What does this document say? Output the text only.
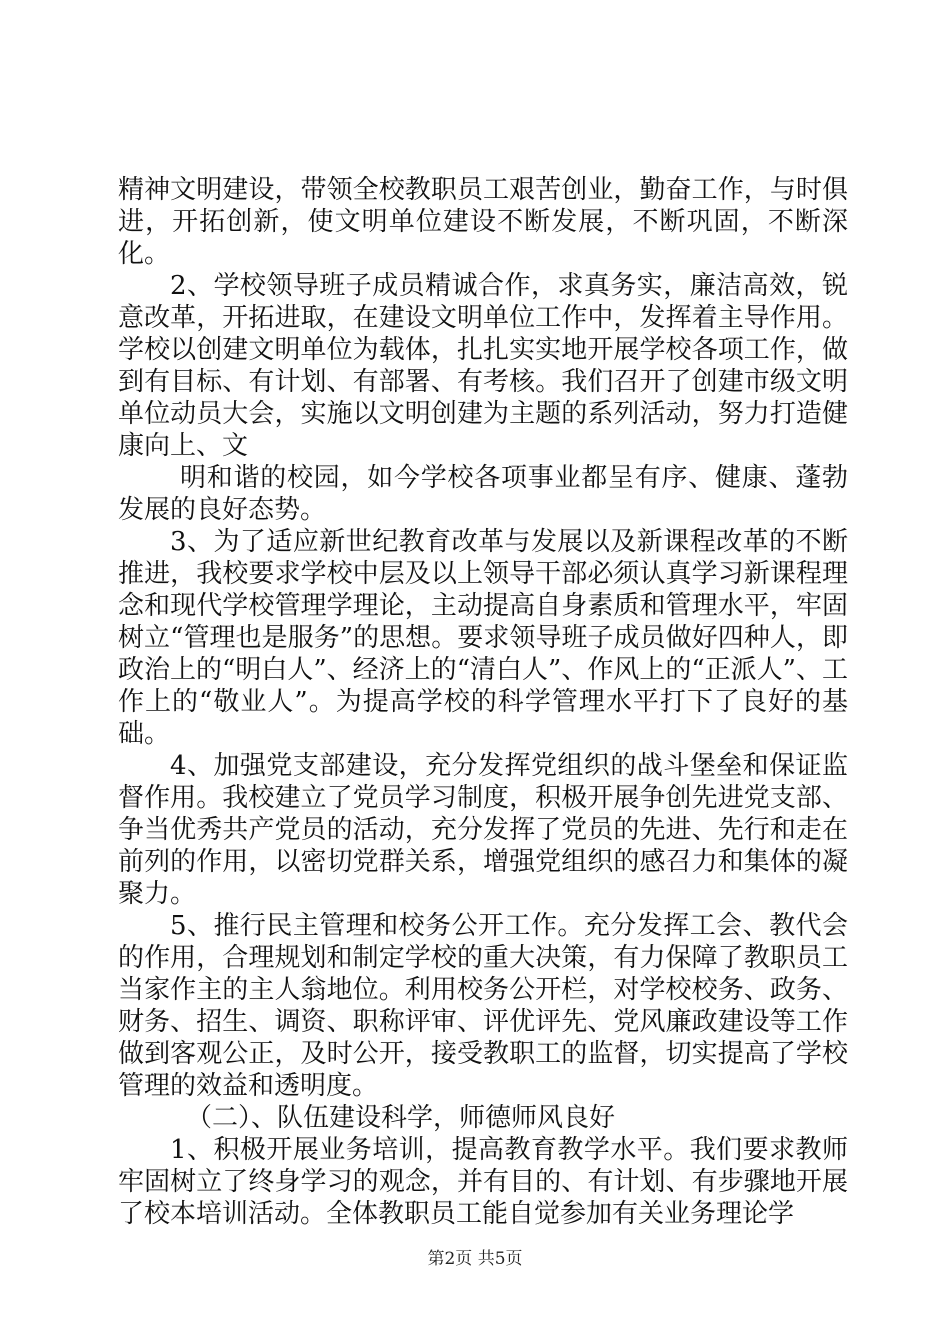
精神文明建设，带领全校教职员工艰苦创业，勤奋工作，与时俱进，开拓创新，使文明单位建设不断发展，不断巩固，不断深化。

2、学校领导班子成员精诚合作，求真务实，廉洁高效，锐意改革，开拓进取，在建设文明单位工作中，发挥着主导作用。学校以创建文明单位为载体，扎扎实实地开展学校各项工作，做到有目标、有计划、有部署、有考核。我们召开了创建市级文明单位动员大会，实施以文明创建为主题的系列活动，努力打造健康向上、文

明和谐的校园，如今学校各项事业都呈有序、健康、蓬勃发展的良好态势。

3、为了适应新世纪教育改革与发展以及新课程改革的不断推进，我校要求学校中层及以上领导干部必须认真学习新课程理念和现代学校管理学理论，主动提高自身素质和管理水平，牢固树立“管理也是服务”的思想。要求领导班子成员做好四种人，即政治上的“明白人”、经济上的“清白人”、作风上的“正派人”、工作上的“敬业人”。为提高学校的科学管理水平打下了良好的基础。

4、加强党支部建设，充分发挥党组织的战斗堡垒和保证监督作用。我校建立了党员学习制度，积极开展争创先进党支部、争当优秀共产党员的活动，充分发挥了党员的先进、先行和走在前列的作用，以密切党群关系，增强党组织的感召力和集体的凝聚力。

5、推行民主管理和校务公开工作。充分发挥工会、教代会的作用，合理规划和制定学校的重大决策，有力保障了教职员工当家作主的主人翁地位。利用校务公开栏，对学校校务、政务、财务、招生、调资、职称评审、评优评先、党风廉政建设等工作做到客观公正，及时公开，接受教职工的监督，切实提高了学校管理的效益和透明度。

（二）、队伍建设科学，师德师风良好

1、积极开展业务培训，提高教育教学水平。我们要求教师牢固树立了终身学习的观念，并有目的、有计划、有步骤地开展了校本培训活动。全体教职员工能自觉参加有关业务理论学

第2页 共5页
